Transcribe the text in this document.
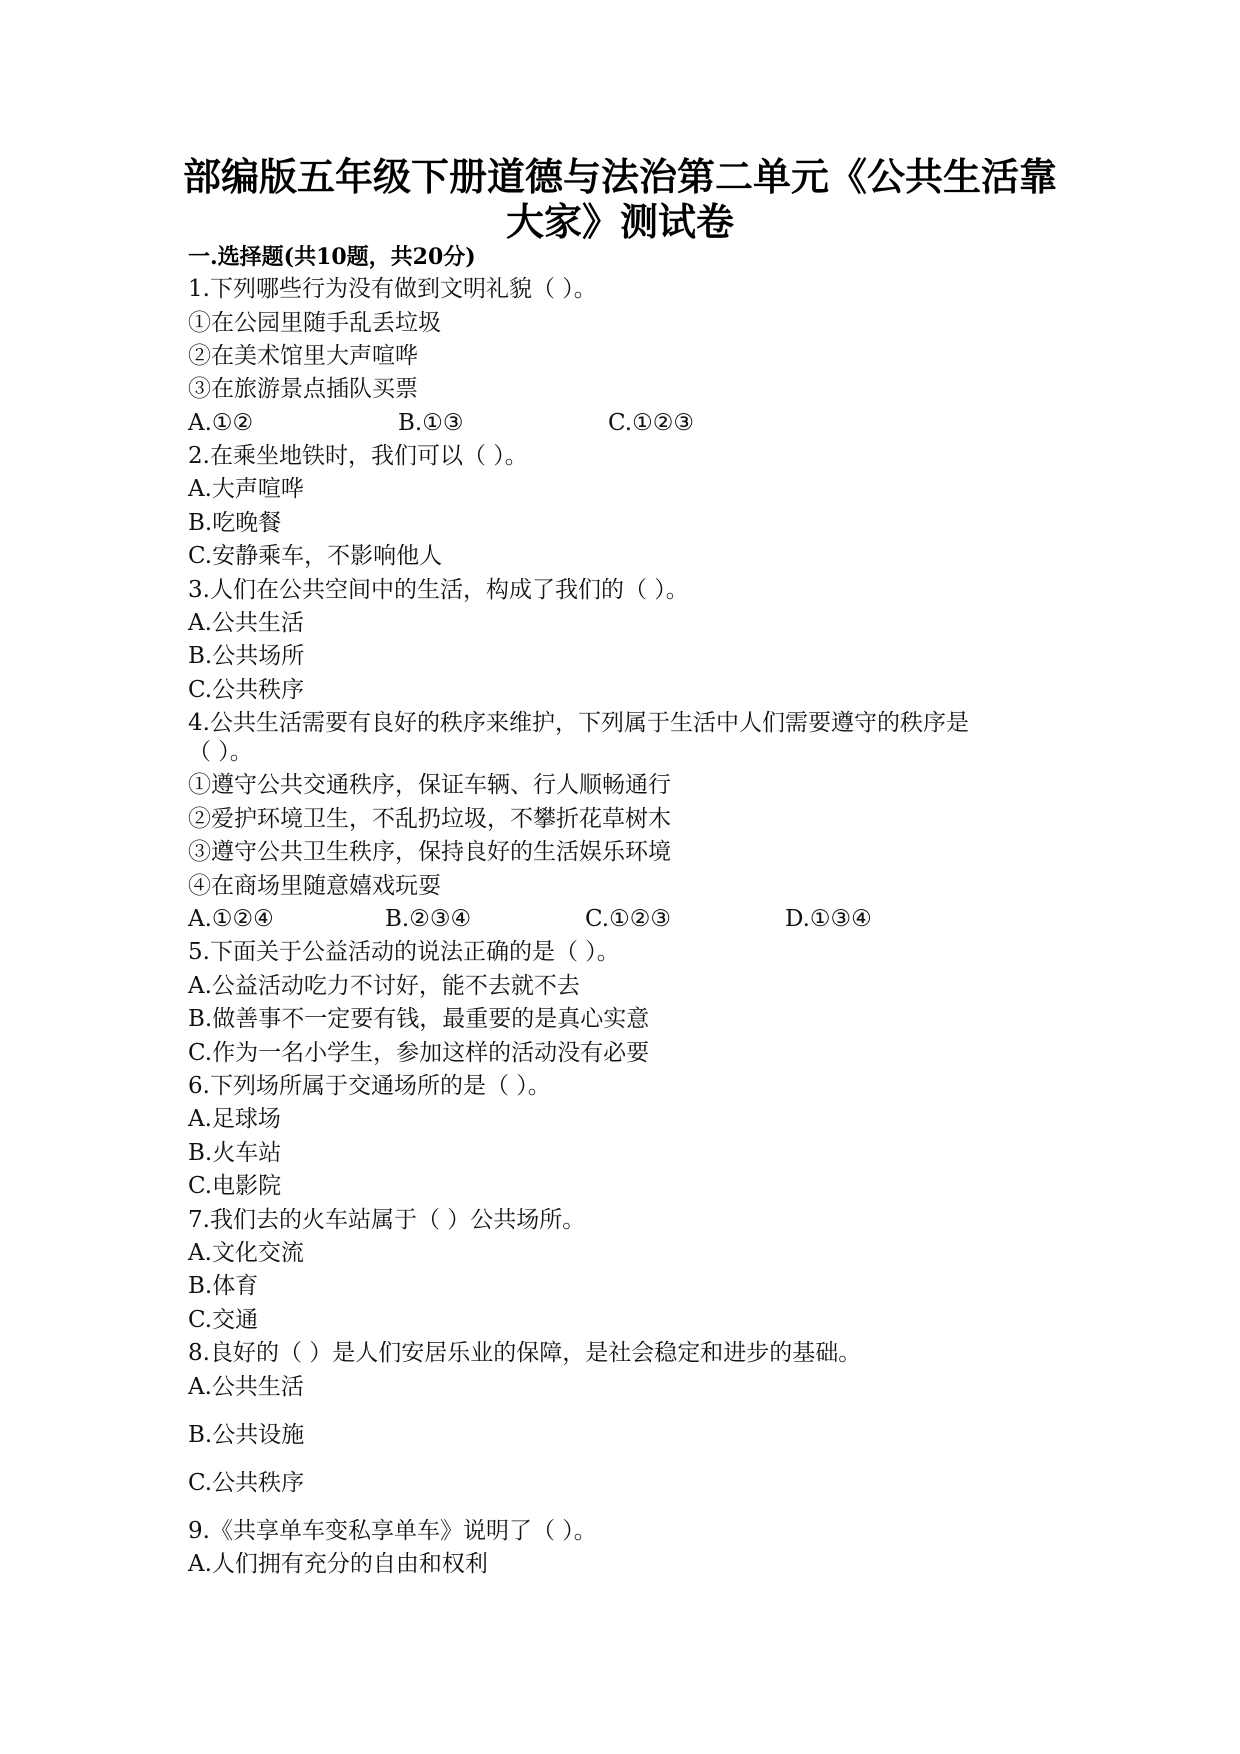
部编版五年级下册道德与法治第二单元《公共生活靠
大家》测试卷
一.选择题(共10题，共20分)
1.下列哪些行为没有做到文明礼貌（ ）。
①在公园里随手乱丢垃圾
②在美术馆里大声喧哗
③在旅游景点插队买票
A.①②	B.①③	C.①②③
2.在乘坐地铁时，我们可以（ ）。
A.大声喧哗
B.吃晚餐
C.安静乘车，不影响他人
3.人们在公共空间中的生活，构成了我们的（ ）。
A.公共生活
B.公共场所
C.公共秩序
4.公共生活需要有良好的秩序来维护，下列属于生活中人们需要遵守的秩序是
（ ）。
①遵守公共交通秩序，保证车辆、行人顺畅通行
②爱护环境卫生，不乱扔垃圾，不攀折花草树木
③遵守公共卫生秩序，保持良好的生活娱乐环境
④在商场里随意嬉戏玩耍
A.①②④	B.②③④	C.①②③	D.①③④
5.下面关于公益活动的说法正确的是（ ）。
A.公益活动吃力不讨好，能不去就不去
B.做善事不一定要有钱，最重要的是真心实意
C.作为一名小学生，参加这样的活动没有必要
6.下列场所属于交通场所的是（ ）。
A.足球场
B.火车站
C.电影院
7.我们去的火车站属于（ ）公共场所。
A.文化交流
B.体育
C.交通
8.良好的（ ）是人们安居乐业的保障，是社会稳定和进步的基础。
A.公共生活
B.公共设施
C.公共秩序
9.《共享单车变私享单车》说明了（ ）。
A.人们拥有充分的自由和权利
